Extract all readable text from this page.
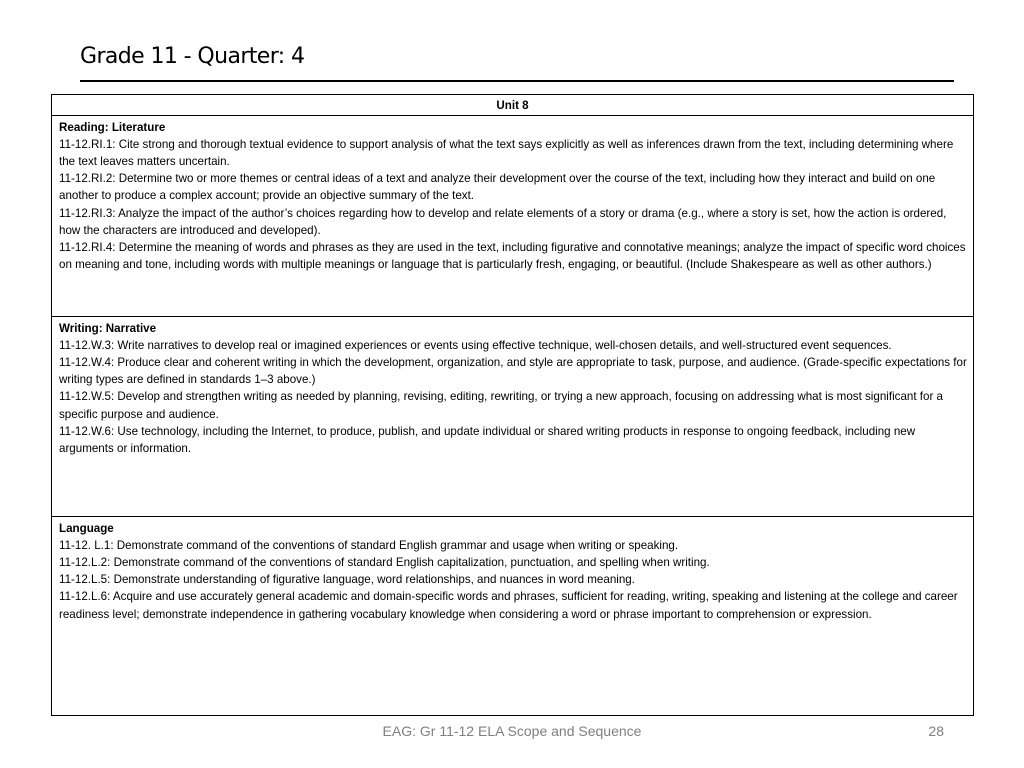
Grade 11 - Quarter: 4
Unit 8

Reading: Literature
11-12.RI.1: Cite strong and thorough textual evidence to support analysis of what the text says explicitly as well as inferences drawn from the text, including determining where the text leaves matters uncertain.
11-12.RI.2: Determine two or more themes or central ideas of a text and analyze their development over the course of the text, including how they interact and build on one another to produce a complex account; provide an objective summary of the text.
11-12.RI.3: Analyze the impact of the author’s choices regarding how to develop and relate elements of a story or drama (e.g., where a story is set, how the action is ordered, how the characters are introduced and developed).
11-12.RI.4: Determine the meaning of words and phrases as they are used in the text, including figurative and connotative meanings; analyze the impact of specific word choices on meaning and tone, including words with multiple meanings or language that is particularly fresh, engaging, or beautiful. (Include Shakespeare as well as other authors.)

Writing: Narrative
11-12.W.3: Write narratives to develop real or imagined experiences or events using effective technique, well-chosen details, and well-structured event sequences.
11-12.W.4: Produce clear and coherent writing in which the development, organization, and style are appropriate to task, purpose, and audience. (Grade-specific expectations for writing types are defined in standards 1–3 above.)
11-12.W.5: Develop and strengthen writing as needed by planning, revising, editing, rewriting, or trying a new approach, focusing on addressing what is most significant for a specific purpose and audience.
11-12.W.6: Use technology, including the Internet, to produce, publish, and update individual or shared writing products in response to ongoing feedback, including new arguments or information.

Language
11-12. L.1: Demonstrate command of the conventions of standard English grammar and usage when writing or speaking.
11-12.L.2: Demonstrate command of the conventions of standard English capitalization, punctuation, and spelling when writing.
11-12.L.5: Demonstrate understanding of figurative language, word relationships, and nuances in word meaning.
11-12.L.6: Acquire and use accurately general academic and domain-specific words and phrases, sufficient for reading, writing, speaking and listening at the college and career readiness level; demonstrate independence in gathering vocabulary knowledge when considering a word or phrase important to comprehension or expression.
EAG: Gr 11-12 ELA Scope and Sequence	28
